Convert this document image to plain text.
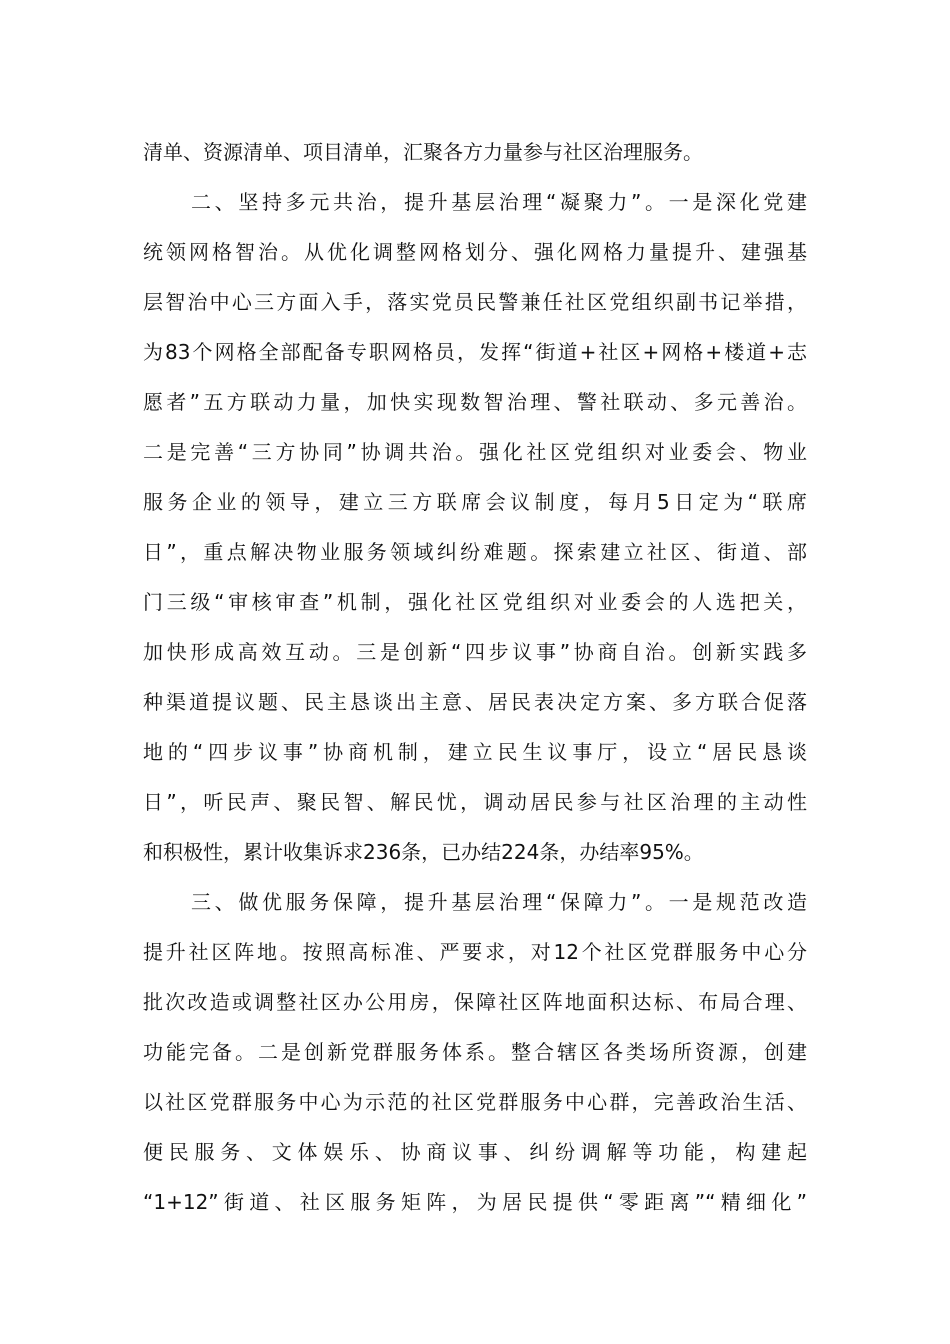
清单、资源清单、项目清单，汇聚各方力量参与社区治理服务。
二、坚持多元共治，提升基层治理“凝聚力”。一是深化党建
统领网格智治。从优化调整网格划分、强化网格力量提升、建强基
层智治中心三方面入手，落实党员民警兼任社区党组织副书记举措，
为83个网格全部配备专职网格员，发挥“街道+社区+网格+楼道+志
愿者”五方联动力量，加快实现数智治理、警社联动、多元善治。
二是完善“三方协同”协调共治。强化社区党组织对业委会、物业
服务企业的领导，建立三方联席会议制度，每月5日定为“联席
日”，重点解决物业服务领域纠纷难题。探索建立社区、街道、部
门三级“审核审查”机制，强化社区党组织对业委会的人选把关，
加快形成高效互动。三是创新“四步议事”协商自治。创新实践多
种渠道提议题、民主恳谈出主意、居民表决定方案、多方联合促落
地的“四步议事”协商机制，建立民生议事厅，设立“居民恳谈
日”，听民声、聚民智、解民忧，调动居民参与社区治理的主动性
和积极性，累计收集诉求236条，已办结224条，办结率95%。
三、做优服务保障，提升基层治理“保障力”。一是规范改造
提升社区阵地。按照高标准、严要求，对12个社区党群服务中心分
批次改造或调整社区办公用房，保障社区阵地面积达标、布局合理、
功能完备。二是创新党群服务体系。整合辖区各类场所资源，创建
以社区党群服务中心为示范的社区党群服务中心群，完善政治生活、
便民服务、文体娱乐、协商议事、纠纷调解等功能，构建起
“1+12”街道、社区服务矩阵，为居民提供“零距离”“精细化”
